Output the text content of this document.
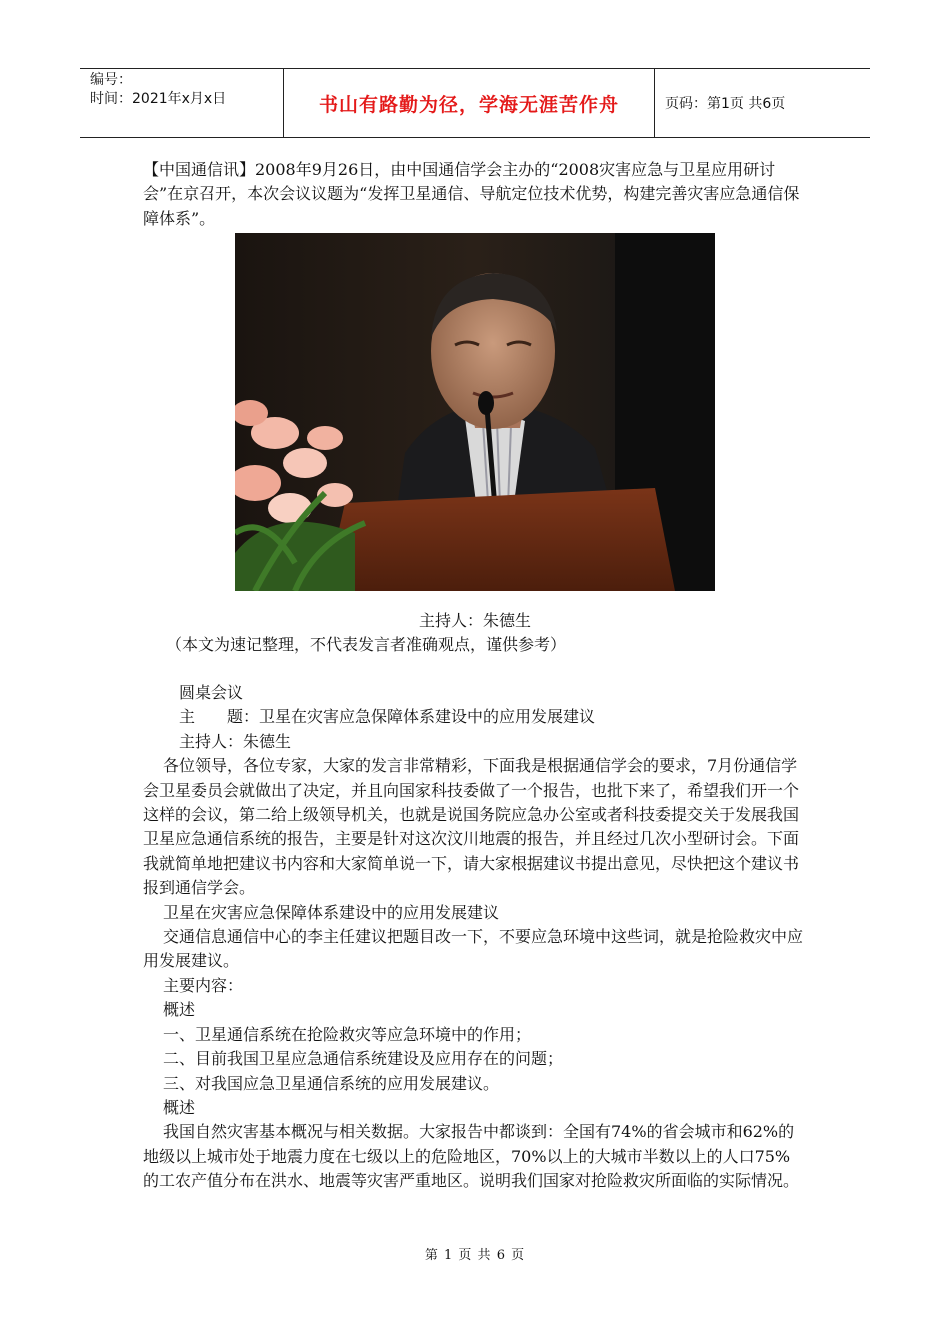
编号：
时间：2021年x月x日	书山有路勤为径，学海无涯苦作舟	页码：第1页 共6页

【中国通信讯】2008年9月26日，由中国通信学会主办的“2008灾害应急与卫星应用研讨会”在京召开，本次会议议题为“发挥卫星通信、导航定位技术优势，构建完善灾害应急通信保障体系”。

主持人：朱德生
（本文为速记整理，不代表发言者准确观点，谨供参考）

圆桌会议

主　　题：卫星在灾害应急保障体系建设中的应用发展建议

主持人：朱德生

各位领导，各位专家，大家的发言非常精彩，下面我是根据通信学会的要求，7月份通信学会卫星委员会就做出了决定，并且向国家科技委做了一个报告，也批下来了，希望我们开一个这样的会议，第二给上级领导机关，也就是说国务院应急办公室或者科技委提交关于发展我国卫星应急通信系统的报告，主要是针对这次汶川地震的报告，并且经过几次小型研讨会。下面我就简单地把建议书内容和大家简单说一下，请大家根据建议书提出意见，尽快把这个建议书报到通信学会。

卫星在灾害应急保障体系建设中的应用发展建议

交通信息通信中心的李主任建议把题目改一下，不要应急环境中这些词，就是抢险救灾中应用发展建议。

主要内容：

概述

一、卫星通信系统在抢险救灾等应急环境中的作用；

二、目前我国卫星应急通信系统建设及应用存在的问题；

三、对我国应急卫星通信系统的应用发展建议。

概述

我国自然灾害基本概况与相关数据。大家报告中都谈到：全国有74%的省会城市和62%的地级以上城市处于地震力度在七级以上的危险地区，70%以上的大城市半数以上的人口75%的工农产值分布在洪水、地震等灾害严重地区。说明我们国家对抢险救灾所面临的实际情况。

第 1 页 共 6 页
